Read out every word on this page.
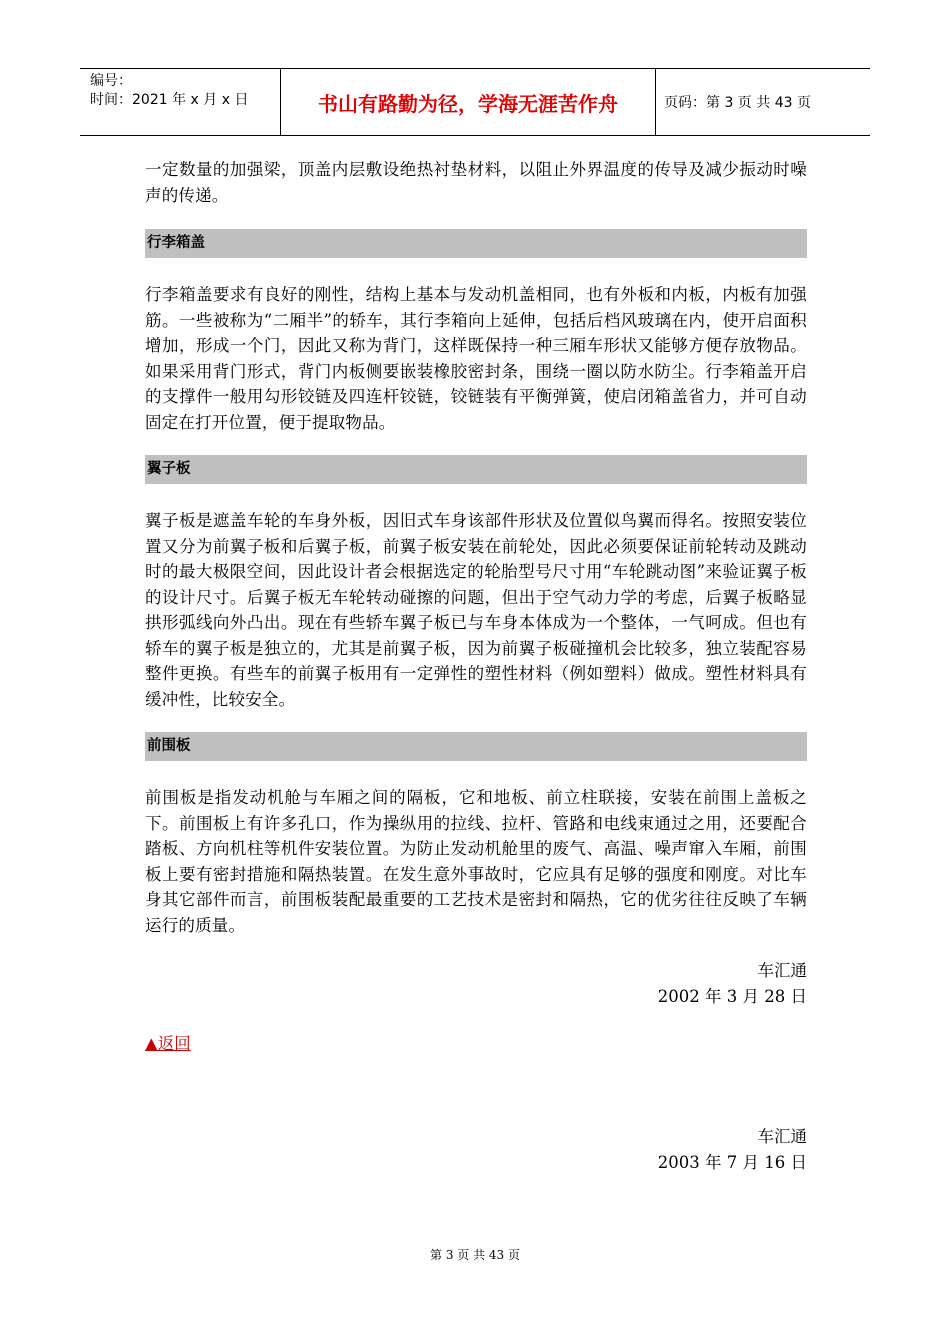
编号：
时间：2021 年 x 月 x 日	书山有路勤为径，学海无涯苦作舟	页码：第 3 页 共 43 页

一定数量的加强梁，顶盖内层敷设绝热衬垫材料，以阻止外界温度的传导及减少振动时噪声的传递。

行李箱盖

行李箱盖要求有良好的刚性，结构上基本与发动机盖相同，也有外板和内板，内板有加强筋。一些被称为“二厢半”的轿车，其行李箱向上延伸，包括后档风玻璃在内，使开启面积增加，形成一个门，因此又称为背门，这样既保持一种三厢车形状又能够方便存放物品。如果采用背门形式，背门内板侧要嵌装橡胶密封条，围绕一圈以防水防尘。行李箱盖开启的支撑件一般用勾形铰链及四连杆铰链，铰链装有平衡弹簧，使启闭箱盖省力，并可自动固定在打开位置，便于提取物品。

翼子板

翼子板是遮盖车轮的车身外板，因旧式车身该部件形状及位置似鸟翼而得名。按照安装位置又分为前翼子板和后翼子板，前翼子板安装在前轮处，因此必须要保证前轮转动及跳动时的最大极限空间，因此设计者会根据选定的轮胎型号尺寸用“车轮跳动图”来验证翼子板的设计尺寸。后翼子板无车轮转动碰擦的问题，但出于空气动力学的考虑，后翼子板略显拱形弧线向外凸出。现在有些轿车翼子板已与车身本体成为一个整体，一气呵成。但也有轿车的翼子板是独立的，尤其是前翼子板，因为前翼子板碰撞机会比较多，独立装配容易整件更换。有些车的前翼子板用有一定弹性的塑性材料（例如塑料）做成。塑性材料具有缓冲性，比较安全。

前围板

前围板是指发动机舱与车厢之间的隔板，它和地板、前立柱联接，安装在前围上盖板之下。前围板上有许多孔口，作为操纵用的拉线、拉杆、管路和电线束通过之用，还要配合踏板、方向机柱等机件安装位置。为防止发动机舱里的废气、高温、噪声窜入车厢，前围板上要有密封措施和隔热装置。在发生意外事故时，它应具有足够的强度和刚度。对比车身其它部件而言，前围板装配最重要的工艺技术是密封和隔热，它的优劣往往反映了车辆运行的质量。

车汇通
2002 年 3 月 28 日
▲返回
车汇通
2003 年 7 月 16 日
第 3 页 共 43 页
